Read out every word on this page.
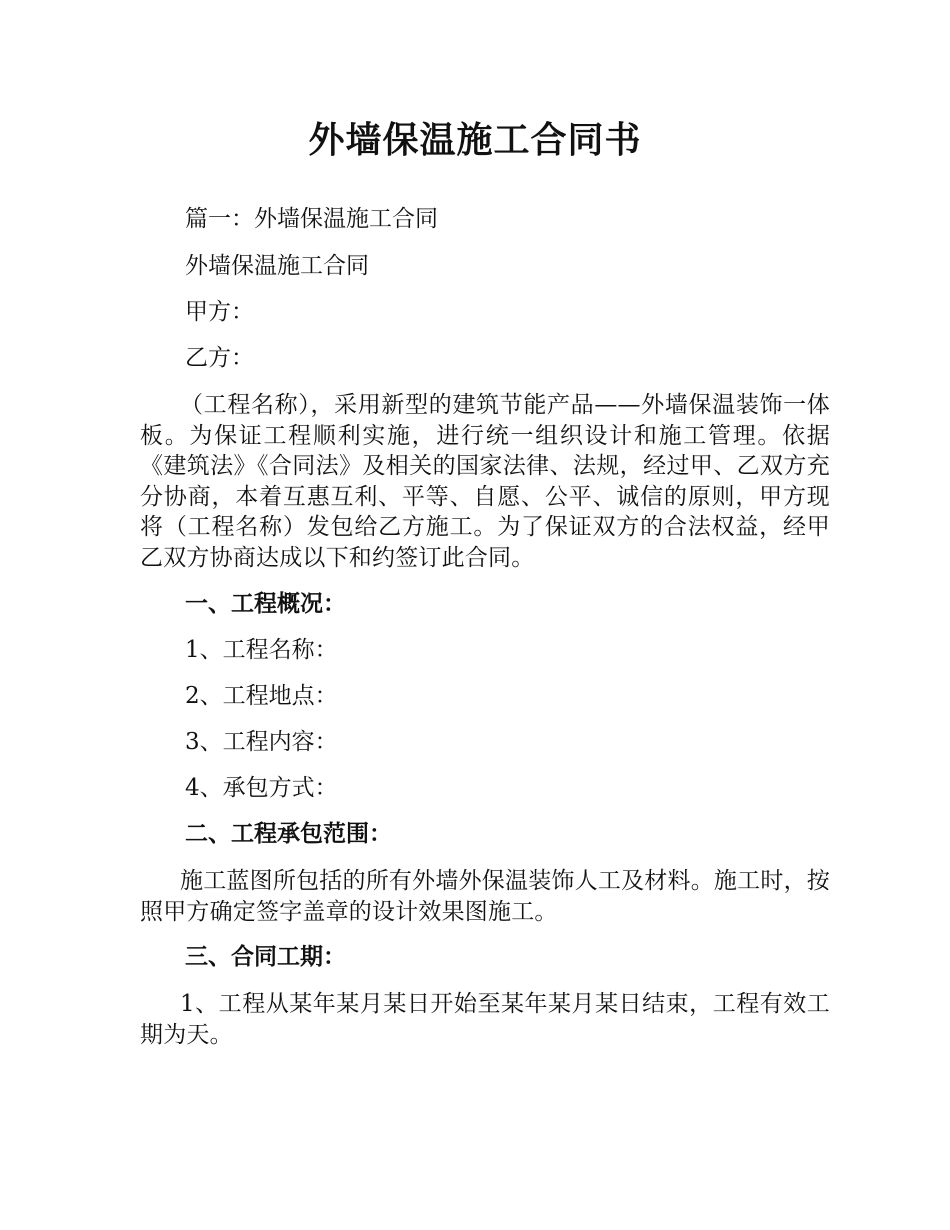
外墙保温施工合同书

篇一：外墙保温施工合同

外墙保温施工合同

甲方：

乙方：

（工程名称），采用新型的建筑节能产品——外墙保温装饰一体板。为保证工程顺利实施，进行统一组织设计和施工管理。依据《建筑法》《合同法》及相关的国家法律、法规，经过甲、乙双方充分协商，本着互惠互利、平等、自愿、公平、诚信的原则，甲方现将（工程名称）发包给乙方施工。为了保证双方的合法权益，经甲乙双方协商达成以下和约签订此合同。

一、工程概况：

1、工程名称：

2、工程地点：

3、工程内容：

4、承包方式：

二、工程承包范围：

施工蓝图所包括的所有外墙外保温装饰人工及材料。施工时，按照甲方确定签字盖章的设计效果图施工。

三、合同工期：

1、工程从某年某月某日开始至某年某月某日结束，工程有效工期为天。
